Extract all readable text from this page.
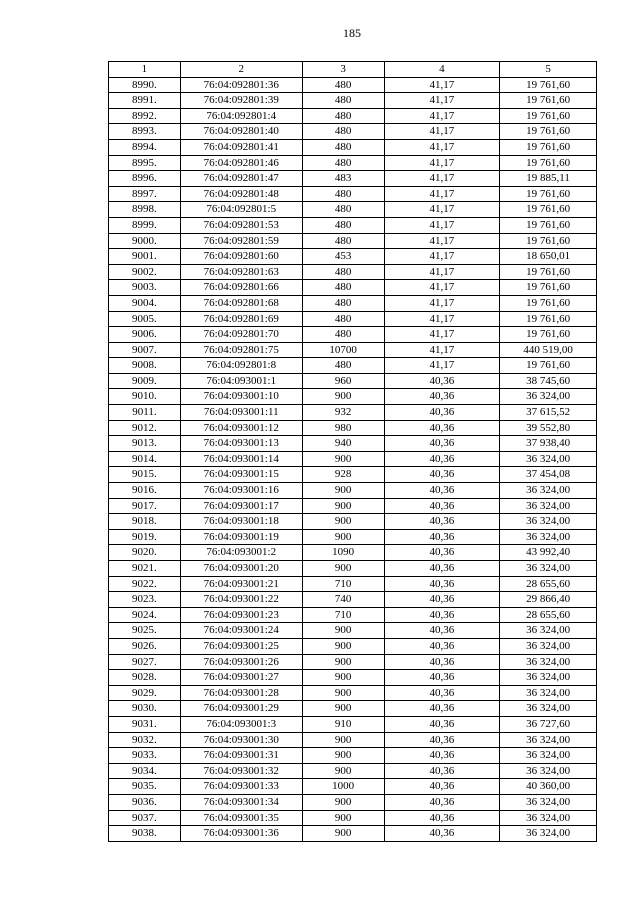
185
1	2	3	4	5
8990.	76:04:092801:36	480	41,17	19 761,60
8991.	76:04:092801:39	480	41,17	19 761,60
8992.	76:04:092801:4	480	41,17	19 761,60
8993.	76:04:092801:40	480	41,17	19 761,60
8994.	76:04:092801:41	480	41,17	19 761,60
8995.	76:04:092801:46	480	41,17	19 761,60
8996.	76:04:092801:47	483	41,17	19 885,11
8997.	76:04:092801:48	480	41,17	19 761,60
8998.	76:04:092801:5	480	41,17	19 761,60
8999.	76:04:092801:53	480	41,17	19 761,60
9000.	76:04:092801:59	480	41,17	19 761,60
9001.	76:04:092801:60	453	41,17	18 650,01
9002.	76:04:092801:63	480	41,17	19 761,60
9003.	76:04:092801:66	480	41,17	19 761,60
9004.	76:04:092801:68	480	41,17	19 761,60
9005.	76:04:092801:69	480	41,17	19 761,60
9006.	76:04:092801:70	480	41,17	19 761,60
9007.	76:04:092801:75	10700	41,17	440 519,00
9008.	76:04:092801:8	480	41,17	19 761,60
9009.	76:04:093001:1	960	40,36	38 745,60
9010.	76:04:093001:10	900	40,36	36 324,00
9011.	76:04:093001:11	932	40,36	37 615,52
9012.	76:04:093001:12	980	40,36	39 552,80
9013.	76:04:093001:13	940	40,36	37 938,40
9014.	76:04:093001:14	900	40,36	36 324,00
9015.	76:04:093001:15	928	40,36	37 454,08
9016.	76:04:093001:16	900	40,36	36 324,00
9017.	76:04:093001:17	900	40,36	36 324,00
9018.	76:04:093001:18	900	40,36	36 324,00
9019.	76:04:093001:19	900	40,36	36 324,00
9020.	76:04:093001:2	1090	40,36	43 992,40
9021.	76:04:093001:20	900	40,36	36 324,00
9022.	76:04:093001:21	710	40,36	28 655,60
9023.	76:04:093001:22	740	40,36	29 866,40
9024.	76:04:093001:23	710	40,36	28 655,60
9025.	76:04:093001:24	900	40,36	36 324,00
9026.	76:04:093001:25	900	40,36	36 324,00
9027.	76:04:093001:26	900	40,36	36 324,00
9028.	76:04:093001:27	900	40,36	36 324,00
9029.	76:04:093001:28	900	40,36	36 324,00
9030.	76:04:093001:29	900	40,36	36 324,00
9031.	76:04:093001:3	910	40,36	36 727,60
9032.	76:04:093001:30	900	40,36	36 324,00
9033.	76:04:093001:31	900	40,36	36 324,00
9034.	76:04:093001:32	900	40,36	36 324,00
9035.	76:04:093001:33	1000	40,36	40 360,00
9036.	76:04:093001:34	900	40,36	36 324,00
9037.	76:04:093001:35	900	40,36	36 324,00
9038.	76:04:093001:36	900	40,36	36 324,00
